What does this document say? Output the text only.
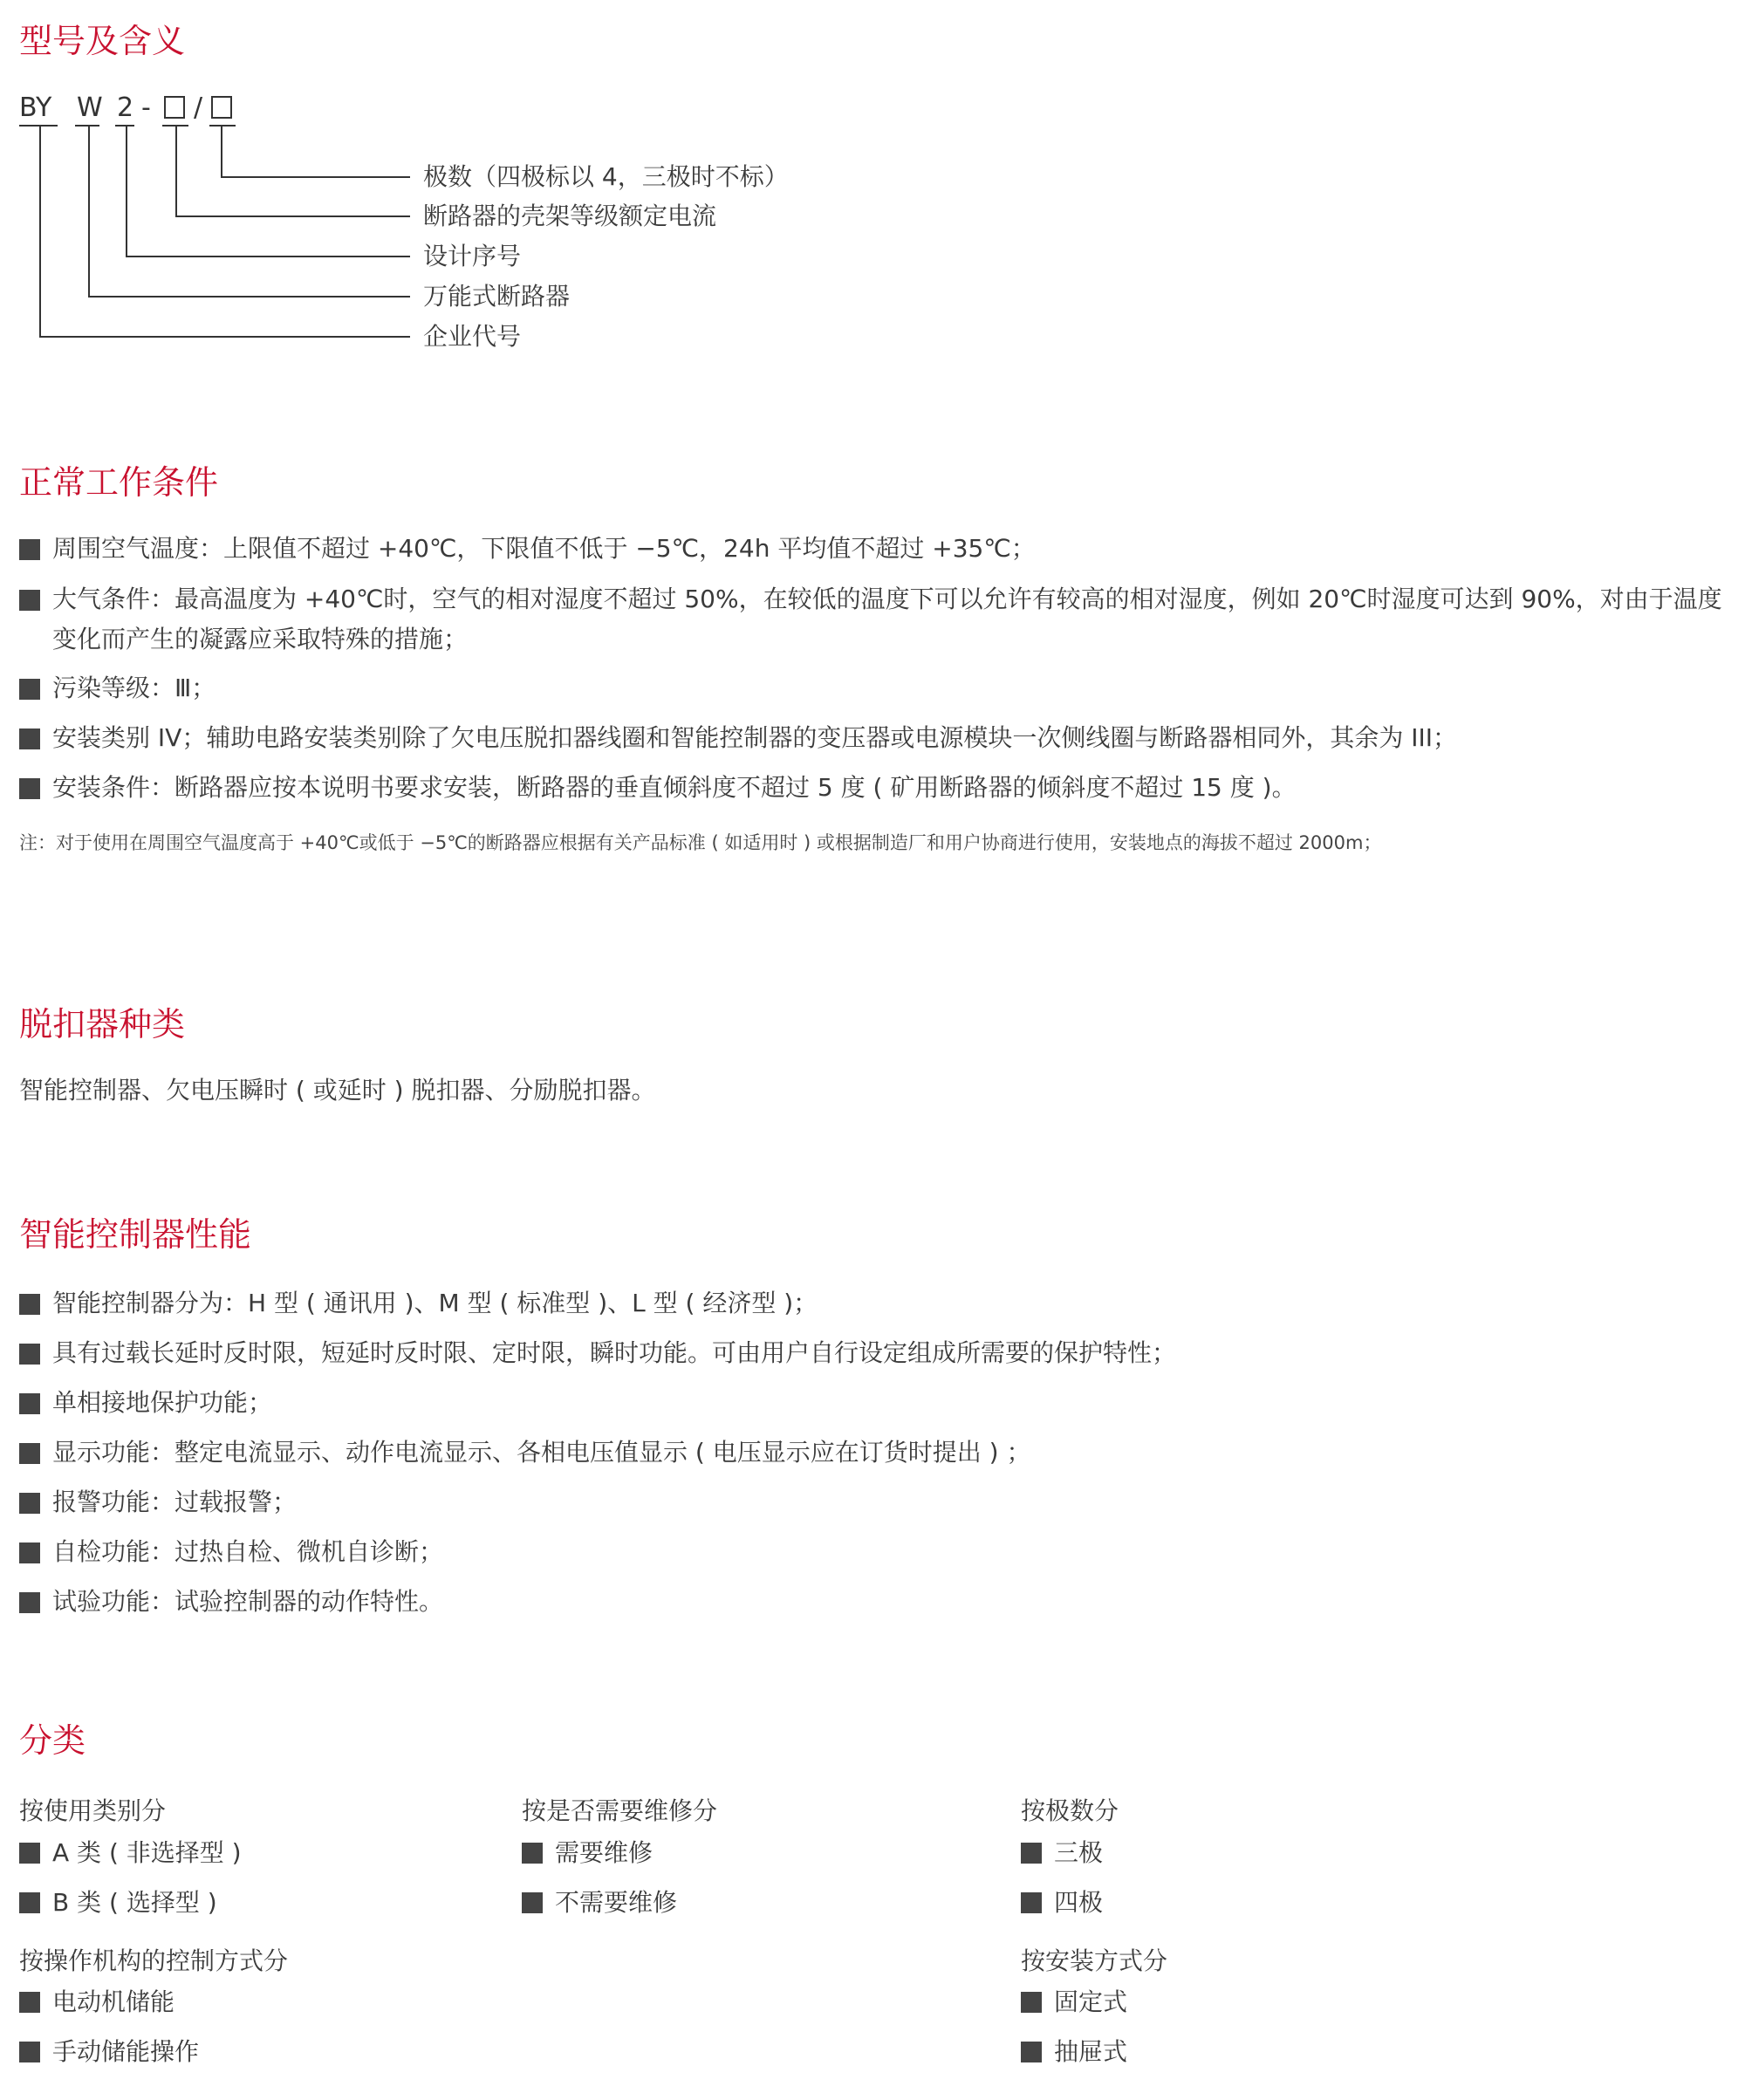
型号及含义
BY W 2 - /
极数（四极标以 4，三极时不标）
断路器的壳架等级额定电流
设计序号
万能式断路器
企业代号
正常工作条件
周围空气温度：上限值不超过 +40℃，下限值不低于 −5℃，24h 平均值不超过 +35℃；
大气条件：最高温度为 +40℃时，空气的相对湿度不超过 50%，在较低的温度下可以允许有较高的相对湿度，例如 20℃时湿度可达到 90%，对由于温度变化而产生的凝露应采取特殊的措施；
污染等级：Ⅲ；
安装类别 IV；辅助电路安装类别除了欠电压脱扣器线圈和智能控制器的变压器或电源模块一次侧线圈与断路器相同外，其余为 III；
安装条件：断路器应按本说明书要求安装，断路器的垂直倾斜度不超过 5 度 ( 矿用断路器的倾斜度不超过 15 度 )。
注：对于使用在周围空气温度高于 +40℃或低于 −5℃的断路器应根据有关产品标准 ( 如适用时 ) 或根据制造厂和用户协商进行使用，安装地点的海拔不超过 2000m；
脱扣器种类
智能控制器、欠电压瞬时 ( 或延时 ) 脱扣器、分励脱扣器。
智能控制器性能
智能控制器分为：H 型 ( 通讯用 )、M 型 ( 标准型 )、L 型 ( 经济型 )；
具有过载长延时反时限，短延时反时限、定时限，瞬时功能。可由用户自行设定组成所需要的保护特性；
单相接地保护功能；
显示功能：整定电流显示、动作电流显示、各相电压值显示 ( 电压显示应在订货时提出 ) ；
报警功能：过载报警；
自检功能：过热自检、微机自诊断；
试验功能：试验控制器的动作特性。
分类
按使用类别分
A 类 ( 非选择型 )
B 类 ( 选择型 )
按操作机构的控制方式分
电动机储能
手动储能操作
按是否需要维修分
需要维修
不需要维修
按极数分
三极
四极
按安装方式分
固定式
抽屉式
